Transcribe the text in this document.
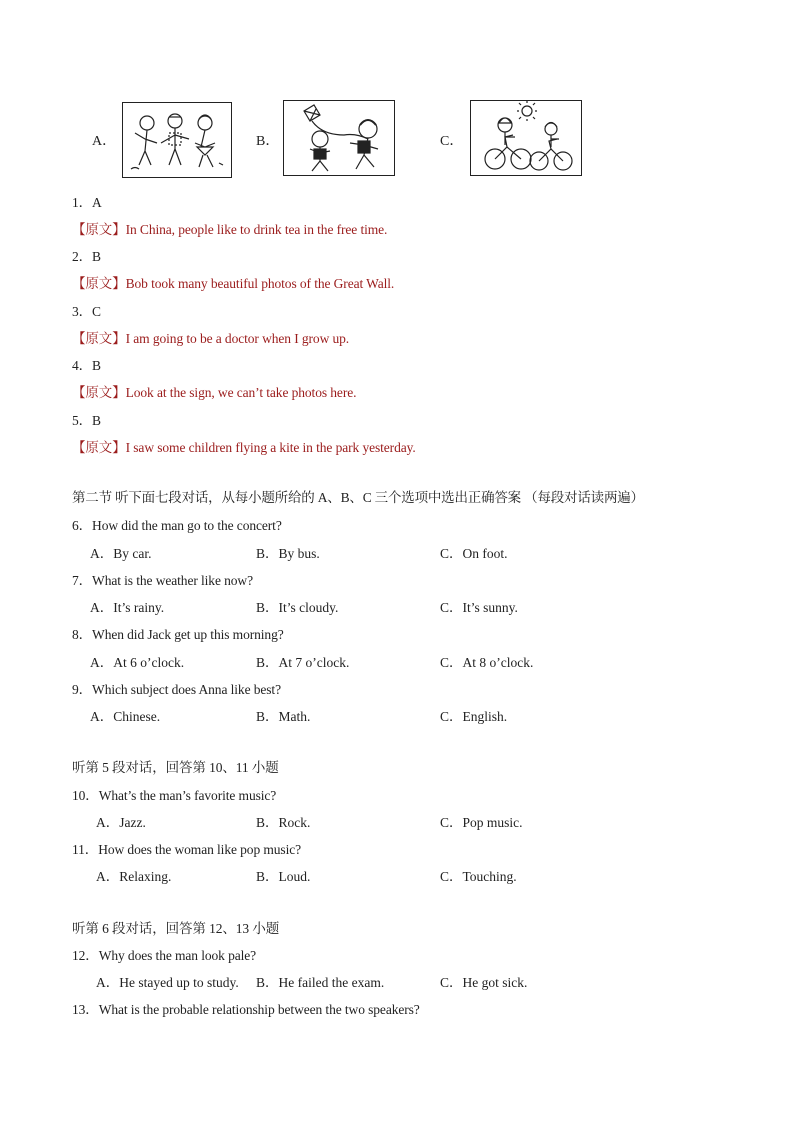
A．	B．	C．
1．A
【原文】In China, people like to drink tea in the free time.
2．B
【原文】Bob took many beautiful photos of the Great Wall.
3．C
【原文】I am going to be a doctor when I grow up.
4．B
【原文】Look at the sign, we can’t take photos here.
5．B
【原文】I saw some children flying a kite in the park yesterday.
第二节 听下面七段对话，从每小题所给的 A、B、C 三个选项中选出正确答案 （每段对话读两遍）
6．How did the man go to the concert?
A．By car.	B．By bus.	C．On foot.
7．What is the weather like now?
A．It’s rainy.	B．It’s cloudy.	C．It’s sunny.
8．When did Jack get up this morning?
A．At 6 o’clock.	B．At 7 o’clock.	C．At 8 o’clock.
9．Which subject does Anna like best?
A．Chinese.	B．Math.	C．English.
听第 5 段对话，回答第 10、11 小题
10．What’s the man’s favorite music?
A．Jazz.	B．Rock.	C．Pop music.
11．How does the woman like pop music?
A．Relaxing.	B．Loud.	C．Touching.
听第 6 段对话，回答第 12、13 小题
12．Why does the man look pale?
A．He stayed up to study. B．He failed the exam.	C．He got sick.
13．What is the probable relationship between the two speakers?
